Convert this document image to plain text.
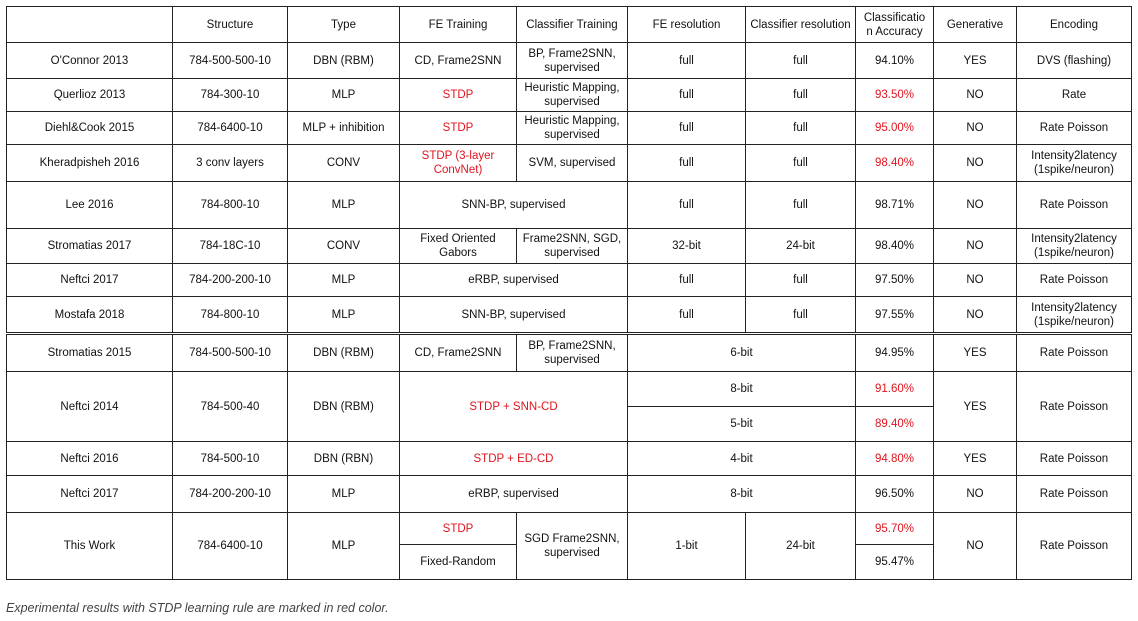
	Structure	Type	FE Training	Classifier Training	FE resolution	Classifier resolution	Classificatio
n Accuracy	Generative	Encoding
O'Connor 2013	784-500-500-10	DBN (RBM)	CD, Frame2SNN	BP, Frame2SNN,
supervised	full	full	94.10%	YES	DVS (flashing)
Querlioz 2013	784-300-10	MLP	STDP	Heuristic Mapping,
supervised	full	full	93.50%	NO	Rate
Diehl&Cook 2015	784-6400-10	MLP + inhibition	STDP	Heuristic Mapping,
supervised	full	full	95.00%	NO	Rate Poisson
Kheradpisheh 2016	3 conv layers	CONV	STDP (3-layer
ConvNet)	SVM, supervised	full	full	98.40%	NO	Intensity2latency
(1spike/neuron)
Lee 2016	784-800-10	MLP	SNN-BP, supervised		full	full	98.71%	NO	Rate Poisson
Stromatias 2017	784-18C-10	CONV	Fixed Oriented
Gabors	Frame2SNN, SGD,
supervised	32-bit	24-bit	98.40%	NO	Intensity2latency
(1spike/neuron)
Neftci 2017	784-200-200-10	MLP	eRBP, supervised		full	full	97.50%	NO	Rate Poisson
Mostafa 2018	784-800-10	MLP	SNN-BP, supervised		full	full	97.55%	NO	Intensity2latency
(1spike/neuron)
Stromatias 2015	784-500-500-10	DBN (RBM)	CD, Frame2SNN	BP, Frame2SNN,
supervised	6-bit		94.95%	YES	Rate Poisson
Neftci 2014	784-500-40	DBN (RBM)	STDP + SNN-CD		8-bit		91.60%	YES	Rate Poisson
					5-bit		89.40%		
Neftci 2016	784-500-10	DBN (RBN)	STDP + ED-CD		4-bit		94.80%	YES	Rate Poisson
Neftci 2017	784-200-200-10	MLP	eRBP, supervised		8-bit		96.50%	NO	Rate Poisson
This Work	784-6400-10	MLP	STDP	SGD Frame2SNN,
supervised	1-bit	24-bit	95.70%	NO	Rate Poisson
			Fixed-Random				95.47%		
Experimental results with STDP learning rule are marked in red color.
